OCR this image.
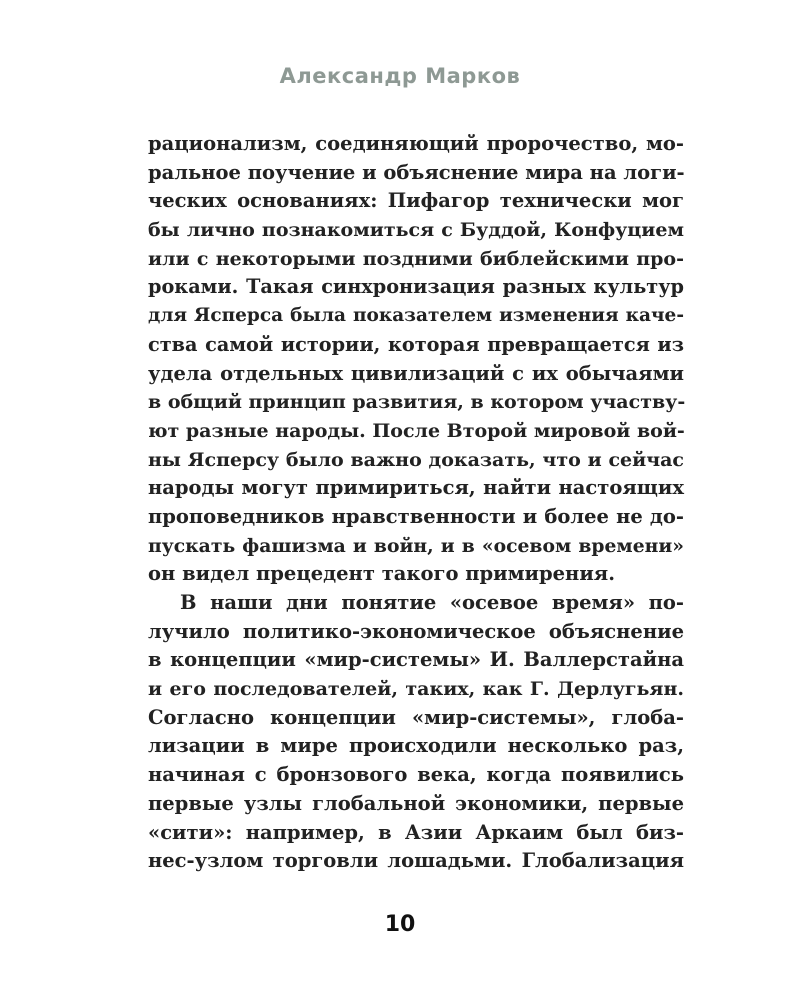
Александр Марков
рационализм, соединяющий пророчество, мо-
ральное поучение и объяснение мира на логи-
ческих основаниях: Пифагор технически мог
бы лично познакомиться с Буддой, Конфуцием
или с некоторыми поздними библейскими про-
роками. Такая синхронизация разных культур
для Ясперса была показателем изменения каче-
ства самой истории, которая превращается из
удела отдельных цивилизаций с их обычаями
в общий принцип развития, в котором участву-
ют разные народы. После Второй мировой вой-
ны Ясперсу было важно доказать, что и сейчас
народы могут примириться, найти настоящих
проповедников нравственности и более не до-
пускать фашизма и войн, и в «осевом времени»
он видел прецедент такого примирения.
В наши дни понятие «осевое время» по-
лучило политико-экономическое объяснение
в концепции «мир-системы» И. Валлерстайна
и его последователей, таких, как Г. Дерлугьян.
Согласно концепции «мир-системы», глоба-
лизации в мире происходили несколько раз,
начиная с бронзового века, когда появились
первые узлы глобальной экономики, первые
«сити»: например, в Азии Аркаим был биз-
нес-узлом торговли лошадьми. Глобализация
10
